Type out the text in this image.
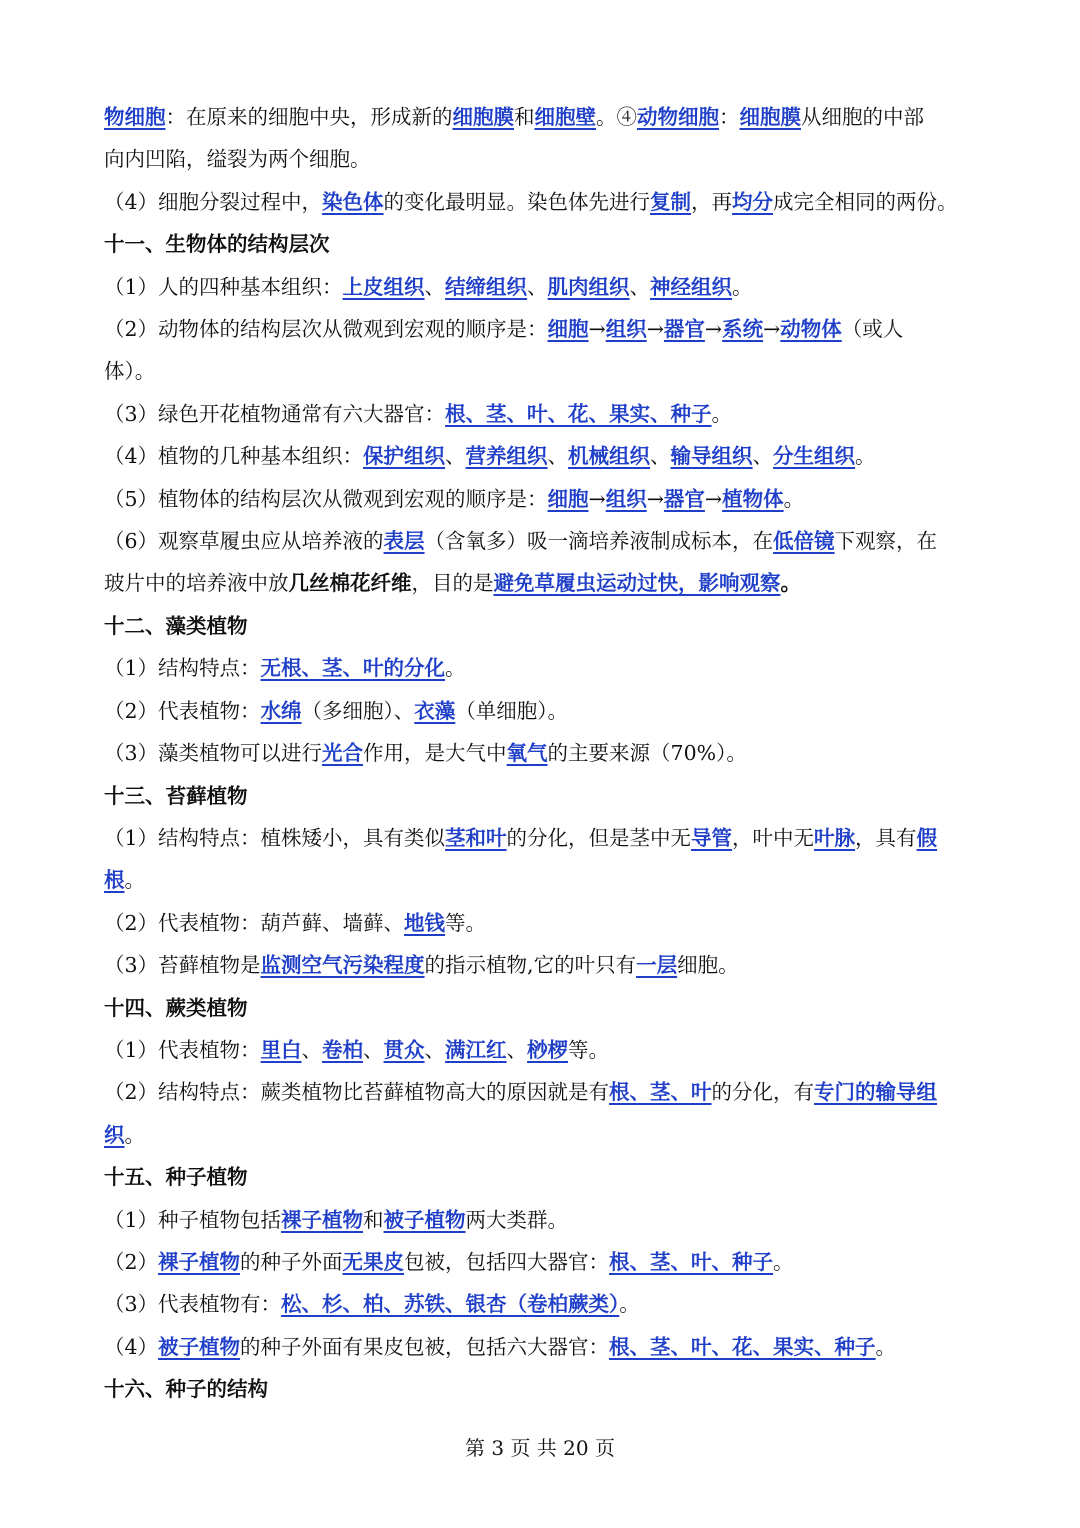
物细胞：在原来的细胞中央，形成新的细胞膜和细胞壁。④动物细胞：细胞膜从细胞的中部
向内凹陷，缢裂为两个细胞。
（4）细胞分裂过程中，染色体的变化最明显。染色体先进行复制，再均分成完全相同的两份。
十一、生物体的结构层次
（1）人的四种基本组织：上皮组织、结缔组织、肌肉组织、神经组织。
（2）动物体的结构层次从微观到宏观的顺序是：细胞→组织→器官→系统→动物体（或人
体）。
（3）绿色开花植物通常有六大器官：根、茎、叶、花、果实、种子。
（4）植物的几种基本组织：保护组织、营养组织、机械组织、输导组织、分生组织。
（5）植物体的结构层次从微观到宏观的顺序是：细胞→组织→器官→植物体。
（6）观察草履虫应从培养液的表层（含氧多）吸一滴培养液制成标本，在低倍镜下观察，在
玻片中的培养液中放几丝棉花纤维，目的是避免草履虫运动过快，影响观察。
十二、藻类植物
（1）结构特点：无根、茎、叶的分化。
（2）代表植物：水绵（多细胞）、衣藻（单细胞）。
（3）藻类植物可以进行光合作用，是大气中氧气的主要来源（70%）。
十三、苔藓植物
（1）结构特点：植株矮小，具有类似茎和叶的分化，但是茎中无导管，叶中无叶脉，具有假
根。
（2）代表植物：葫芦藓、墙藓、地钱等。
（3）苔藓植物是监测空气污染程度的指示植物,它的叶只有一层细胞。
十四、蕨类植物
（1）代表植物：里白、卷柏、贯众、满江红、桫椤等。
（2）结构特点：蕨类植物比苔藓植物高大的原因就是有根、茎、叶的分化，有专门的输导组
织。
十五、种子植物
（1）种子植物包括裸子植物和被子植物两大类群。
（2）裸子植物的种子外面无果皮包被，包括四大器官：根、茎、叶、种子。
（3）代表植物有：松、杉、柏、苏铁、银杏（卷柏蕨类）。
（4）被子植物的种子外面有果皮包被，包括六大器官：根、茎、叶、花、果实、种子。
十六、种子的结构
第 3 页 共 20 页
